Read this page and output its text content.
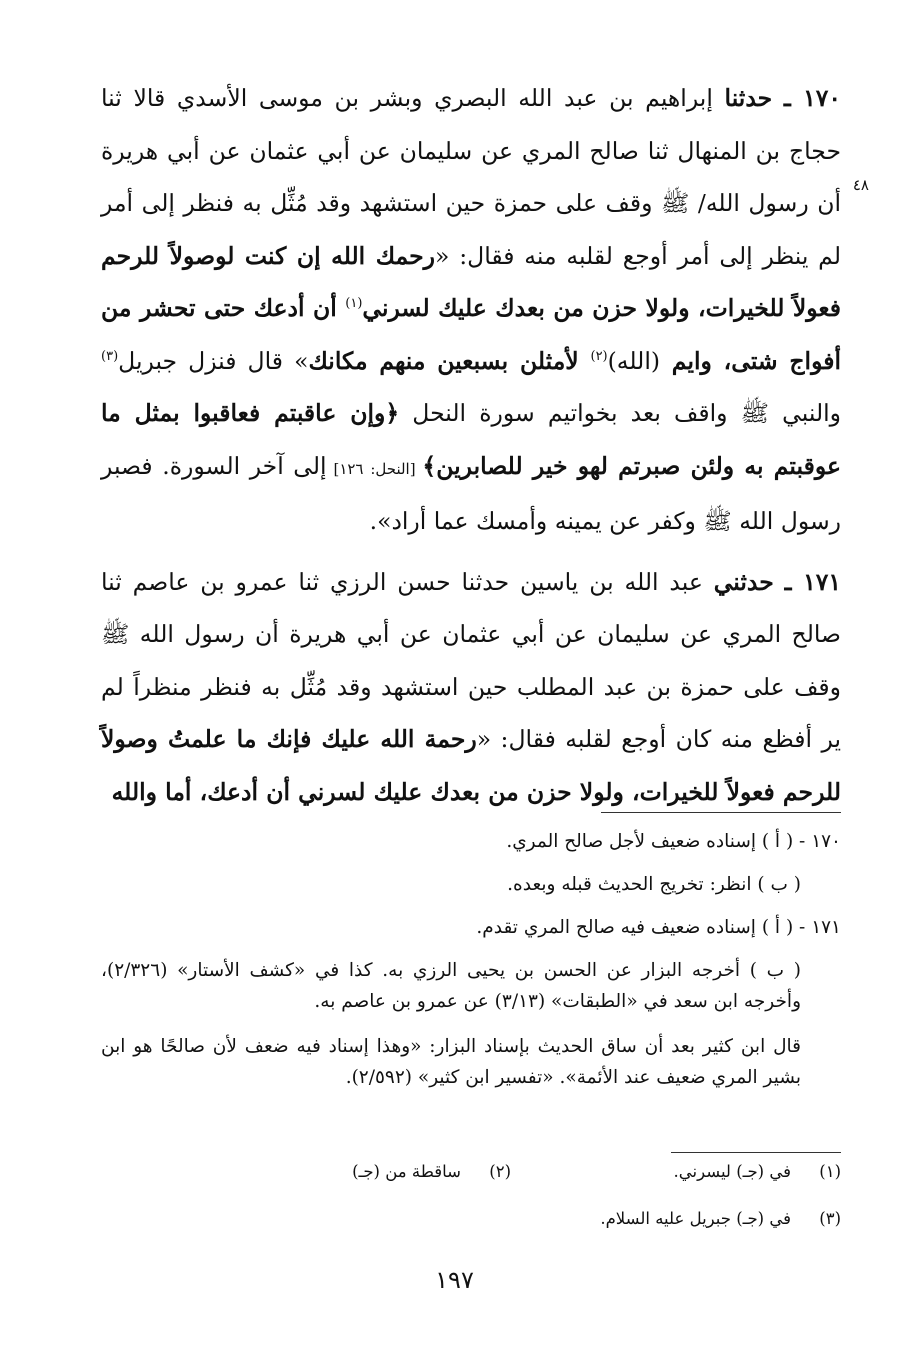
٤٨

١٧٠ ـ حدثنا إبراهيم بن عبد الله البصري وبشر بن موسى الأسدي قالا ثنا حجاج بن المنهال ثنا صالح المري عن سليمان عن أبي عثمان عن أبي هريرة أن رسول الله/ ﷺ وقف على حمزة حين استشهد وقد مُثِّل به فنظر إلى أمر لم ينظر إلى أمر أوجع لقلبه منه فقال: «رحمك الله إن كنت لوصولاً للرحم فعولاً للخيرات، ولولا حزن من بعدك عليك لسرني$^{(١)}$ أن أدعك حتى تحشر من أفواج شتى، وايم (الله)$^{(٢)}$ لأمثلن بسبعين منهم مكانك» قال فنزل جبريل$^{(٣)}$ والنبي ﷺ واقف بعد بخواتيم سورة النحل ﴿وإن عاقبتم فعاقبوا بمثل ما عوقبتم به ولئن صبرتم لهو خير للصابرين﴾ [النحل: ١٢٦] إلى آخر السورة. فصبر رسول الله ﷺ وكفر عن يمينه وأمسك عما أراد».

١٧١ ـ حدثني عبد الله بن ياسين حدثنا حسن الرزي ثنا عمرو بن عاصم ثنا صالح المري عن سليمان عن أبي عثمان عن أبي هريرة أن رسول الله ﷺ وقف على حمزة بن عبد المطلب حين استشهد وقد مُثِّل به فنظر منظراً لم ير أفظع منه كان أوجع لقلبه فقال: «رحمة الله عليك فإنك ما علمتُ وصولاً للرحم فعولاً للخيرات، ولولا حزن من بعدك عليك لسرني أن أدعك، أما والله

١٧٠ - ( أ ) إسناده ضعيف لأجل صالح المري.

( ب ) انظر: تخريج الحديث قبله وبعده.

١٧١ - ( أ ) إسناده ضعيف فيه صالح المري تقدم.

( ب ) أخرجه البزار عن الحسن بن يحيى الرزي به. كذا في «كشف الأستار» (٢/٣٢٦)، وأخرجه ابن سعد في «الطبقات» (٣/١٣) عن عمرو بن عاصم به.

قال ابن كثير بعد أن ساق الحديث بإسناد البزار: «وهذا إسناد فيه ضعف لأن صالحًا هو ابن بشير المري ضعيف عند الأئمة». «تفسير ابن كثير» (٢/٥٩٢).

(١)
في (جـ) ليسرني.
(٢)
ساقطة من (جـ)
(٣)
في (جـ) جبريل عليه السلام.
١٩٧
